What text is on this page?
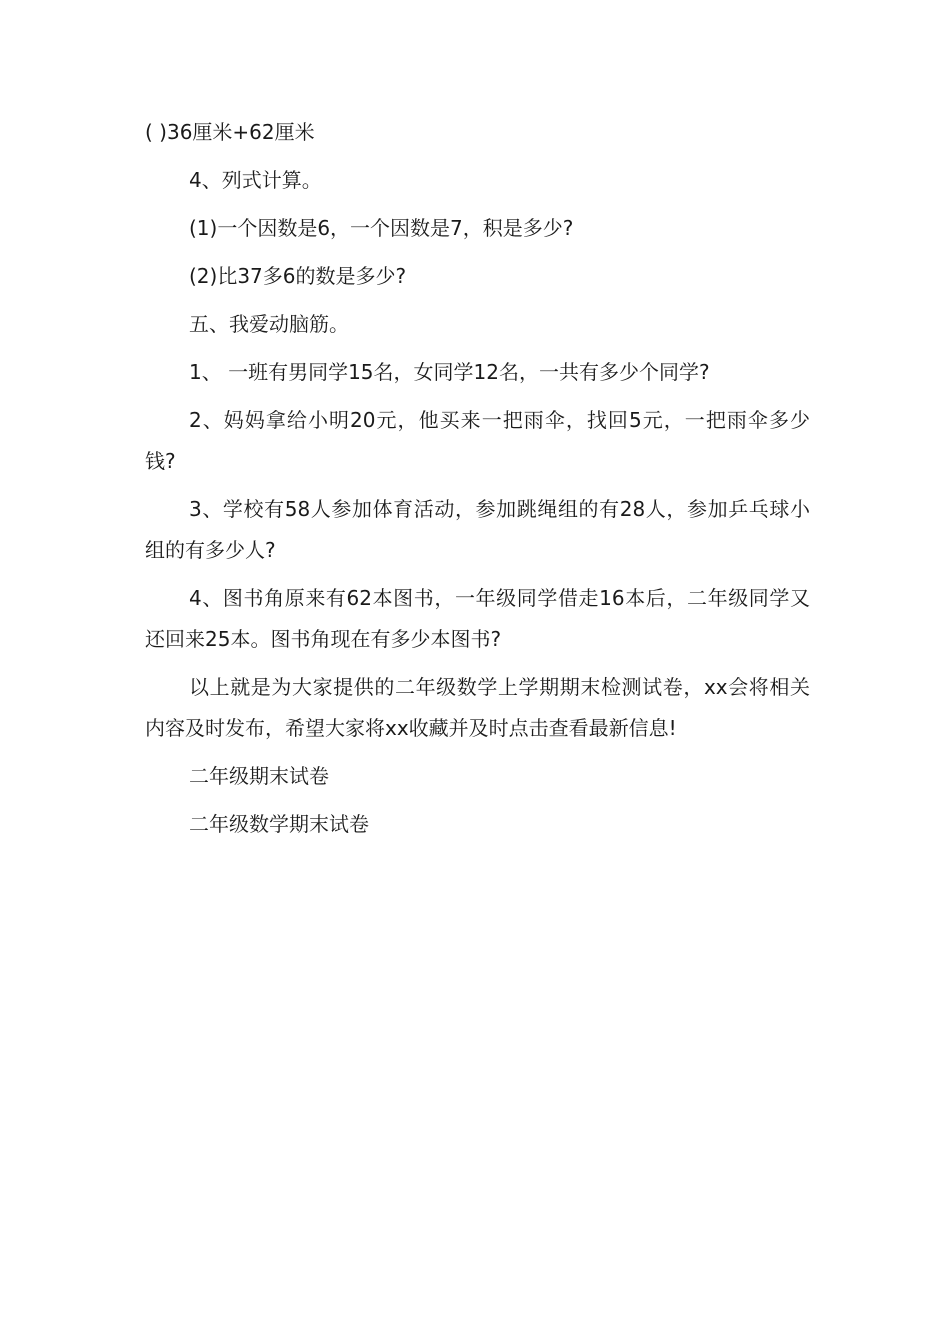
( )36厘米+62厘米

4、列式计算。

(1)一个因数是6，一个因数是7，积是多少?

(2)比37多6的数是多少?

五、我爱动脑筋。

1、 一班有男同学15名，女同学12名，一共有多少个同学?

2、妈妈拿给小明20元，他买来一把雨伞，找回5元，一把雨伞多少钱?

3、学校有58人参加体育活动，参加跳绳组的有28人，参加乒乓球小组的有多少人?

4、图书角原来有62本图书，一年级同学借走16本后，二年级同学又还回来25本。图书角现在有多少本图书?

以上就是为大家提供的二年级数学上学期期末检测试卷，xx会将相关内容及时发布，希望大家将xx收藏并及时点击查看最新信息!

二年级期末试卷

二年级数学期末试卷
